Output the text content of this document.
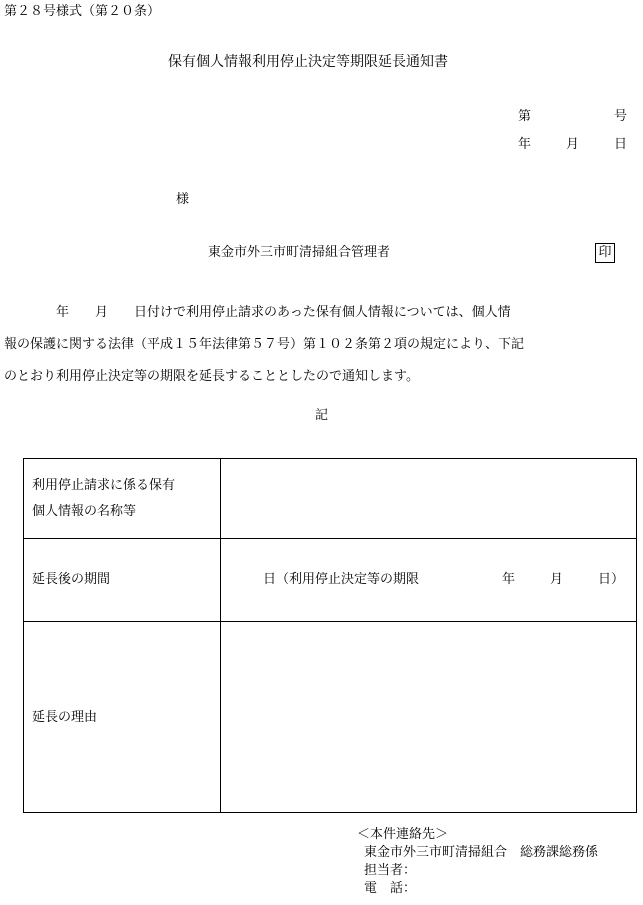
第２８号様式（第２０条）
保有個人情報利用停止決定等期限延長通知書
第	号
年	月	日
様
東金市外三市町清掃組合管理者	印
　　　　年　　月　　日付けで利用停止請求のあった保有個人情報については、個人情
報の保護に関する法律（平成１５年法律第５７号）第１０２条第２項の規定により、下記
のとおり利用停止決定等の期限を延長することとしたので通知します。
記
利用停止請求に係る保有
個人情報の名称等
延長後の期間	日（利用停止決定等の期限	年	月	日）
延長の理由
＜本件連絡先＞
東金市外三市町清掃組合　総務課総務係
担当者：
電　話：
